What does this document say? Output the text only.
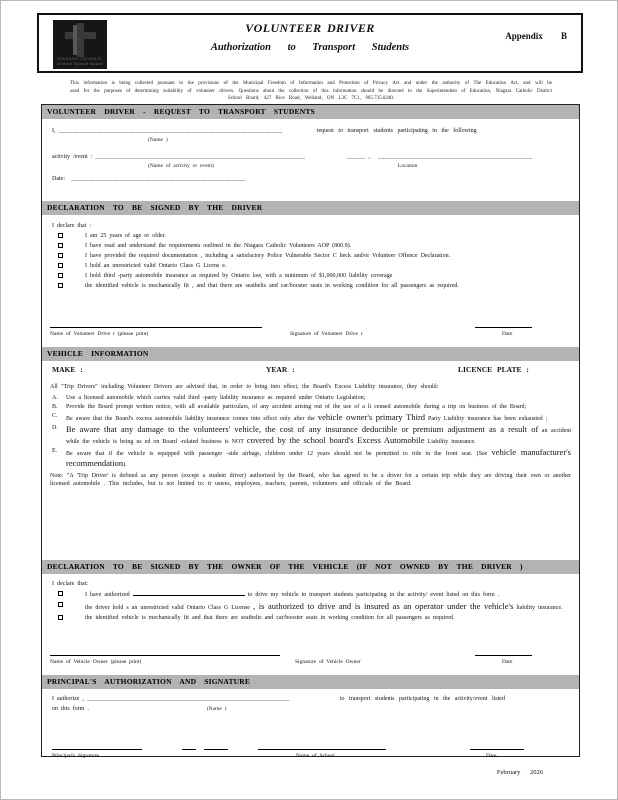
NIAGARA CATHOLIC
District School Board
VOLUNTEER DRIVER
Authorization to Transport Students
Appendix B
This information is being collected pursuant to the provisions of the Municipal Freedom of Information and Protection of Privacy Act and under the authority of The Education Act, and will be used for the purposes of determining suitability of volunteer drivers. Questions about the collection of this information should be directed to the Superintendent of Education, Niagara Catholic District School Board, 427 Rice Road, Welland, ON L3C 7C1, 905.735.0240.
VOLUNTEER DRIVER - REQUEST TO TRANSPORT STUDENTS
I,
________________________________________________________________	request to transport students participating in the following
(Name )
activity /event :
____________________________________________________________	_____ , ____________________________________________
(Name of activity or event)	Location
Date:
__________________________________________________
DECLARATION TO BE SIGNED BY THE DRIVER
I declare that :
I am 25 years of age or older.
I have read and understand the requirements outlined in the Niagara Catholic Volunteers AOP (800.9).
I have provided the required documentation , including a satisfactory Police Vulnerable Sector C heck and/or Volunteer Offence Declaration.
I hold an unrestricted valid Ontario Class G Licens e.
I hold third -party automobile insurance as required by Ontario law, with a minimum of $1,000,000 liability coverage
the identified vehicle is mechanically fit , and that there are seatbelts and car/booster seats in working condition for all passengers as required.
Name of Volunteer Drive r (please print)	Signature of Volunteer Drive r	Date
VEHICLE INFORMATION
MAKE :	YEAR :	LICENCE PLATE :
All "Trip Drivers" including Volunteer Drivers are advised that, in order to bring into effect, the Board's Excess Liability insurance, they should:
A.	Use a licensed automobile which carries valid third -party liability insurance as required under Ontario Legislation;
B.	Provide the Board prompt written notice, with all available particulars, of any accident arising out of the use of a li censed automobile during a trip on business of the Board;
C.	Be aware that the Board's excess automobile liability insurance comes into effect only after the vehicle owner's primary Third Party Liability insurance has been exhausted ;
D. Be aware that any damage to the volunteers' vehicle, the cost of any insurance deductible or premium adjustment as a result of an accident while the vehicle is being us ed on Board -related business is NOT covered by the school board's Excess Automobile Liability insurance.
E.	Be aware that if the vehicle is equipped with passenger -side airbags, children under 12 years should not be permitted to ride in the front seat. (See vehicle manufacturer's recommendation).
Note: "A 'Trip Driver' is defined as any person (except a student driver) authorized by the Board, who has agreed to be a driver for a certain trip while they are driving their own or another licensed automobile . This includes, but is not limited to: tr ustees, employees, teachers, parents, volunteers and officials of the Board.
DECLARATION TO BE SIGNED BY THE OWNER OF THE VEHICLE (IF NOT OWNED BY THE DRIVER )
I declare that:
I have authorized	to drive my vehicle to transport students participating in the activity/ event listed on this form .
the driver hold s an unrestricted valid Ontario Class G License , is authorized to drive and is insured as an operator under the vehicle's liability insurance.
the identified vehicle is mechanically fit and that there are seatbelts and car/booster seats in working condition for all passengers as required.
Name of Vehicle Owner (please print)	Signature of Vehicle Owner	Date
PRINCIPAL'S AUTHORIZATION AND SIGNATURE
I authorize ,
__________________________________________________________	to transport students participating in the activity/event listed
on this form .	(Name )
Principal's Signature	Name of School	Date
February 2026
